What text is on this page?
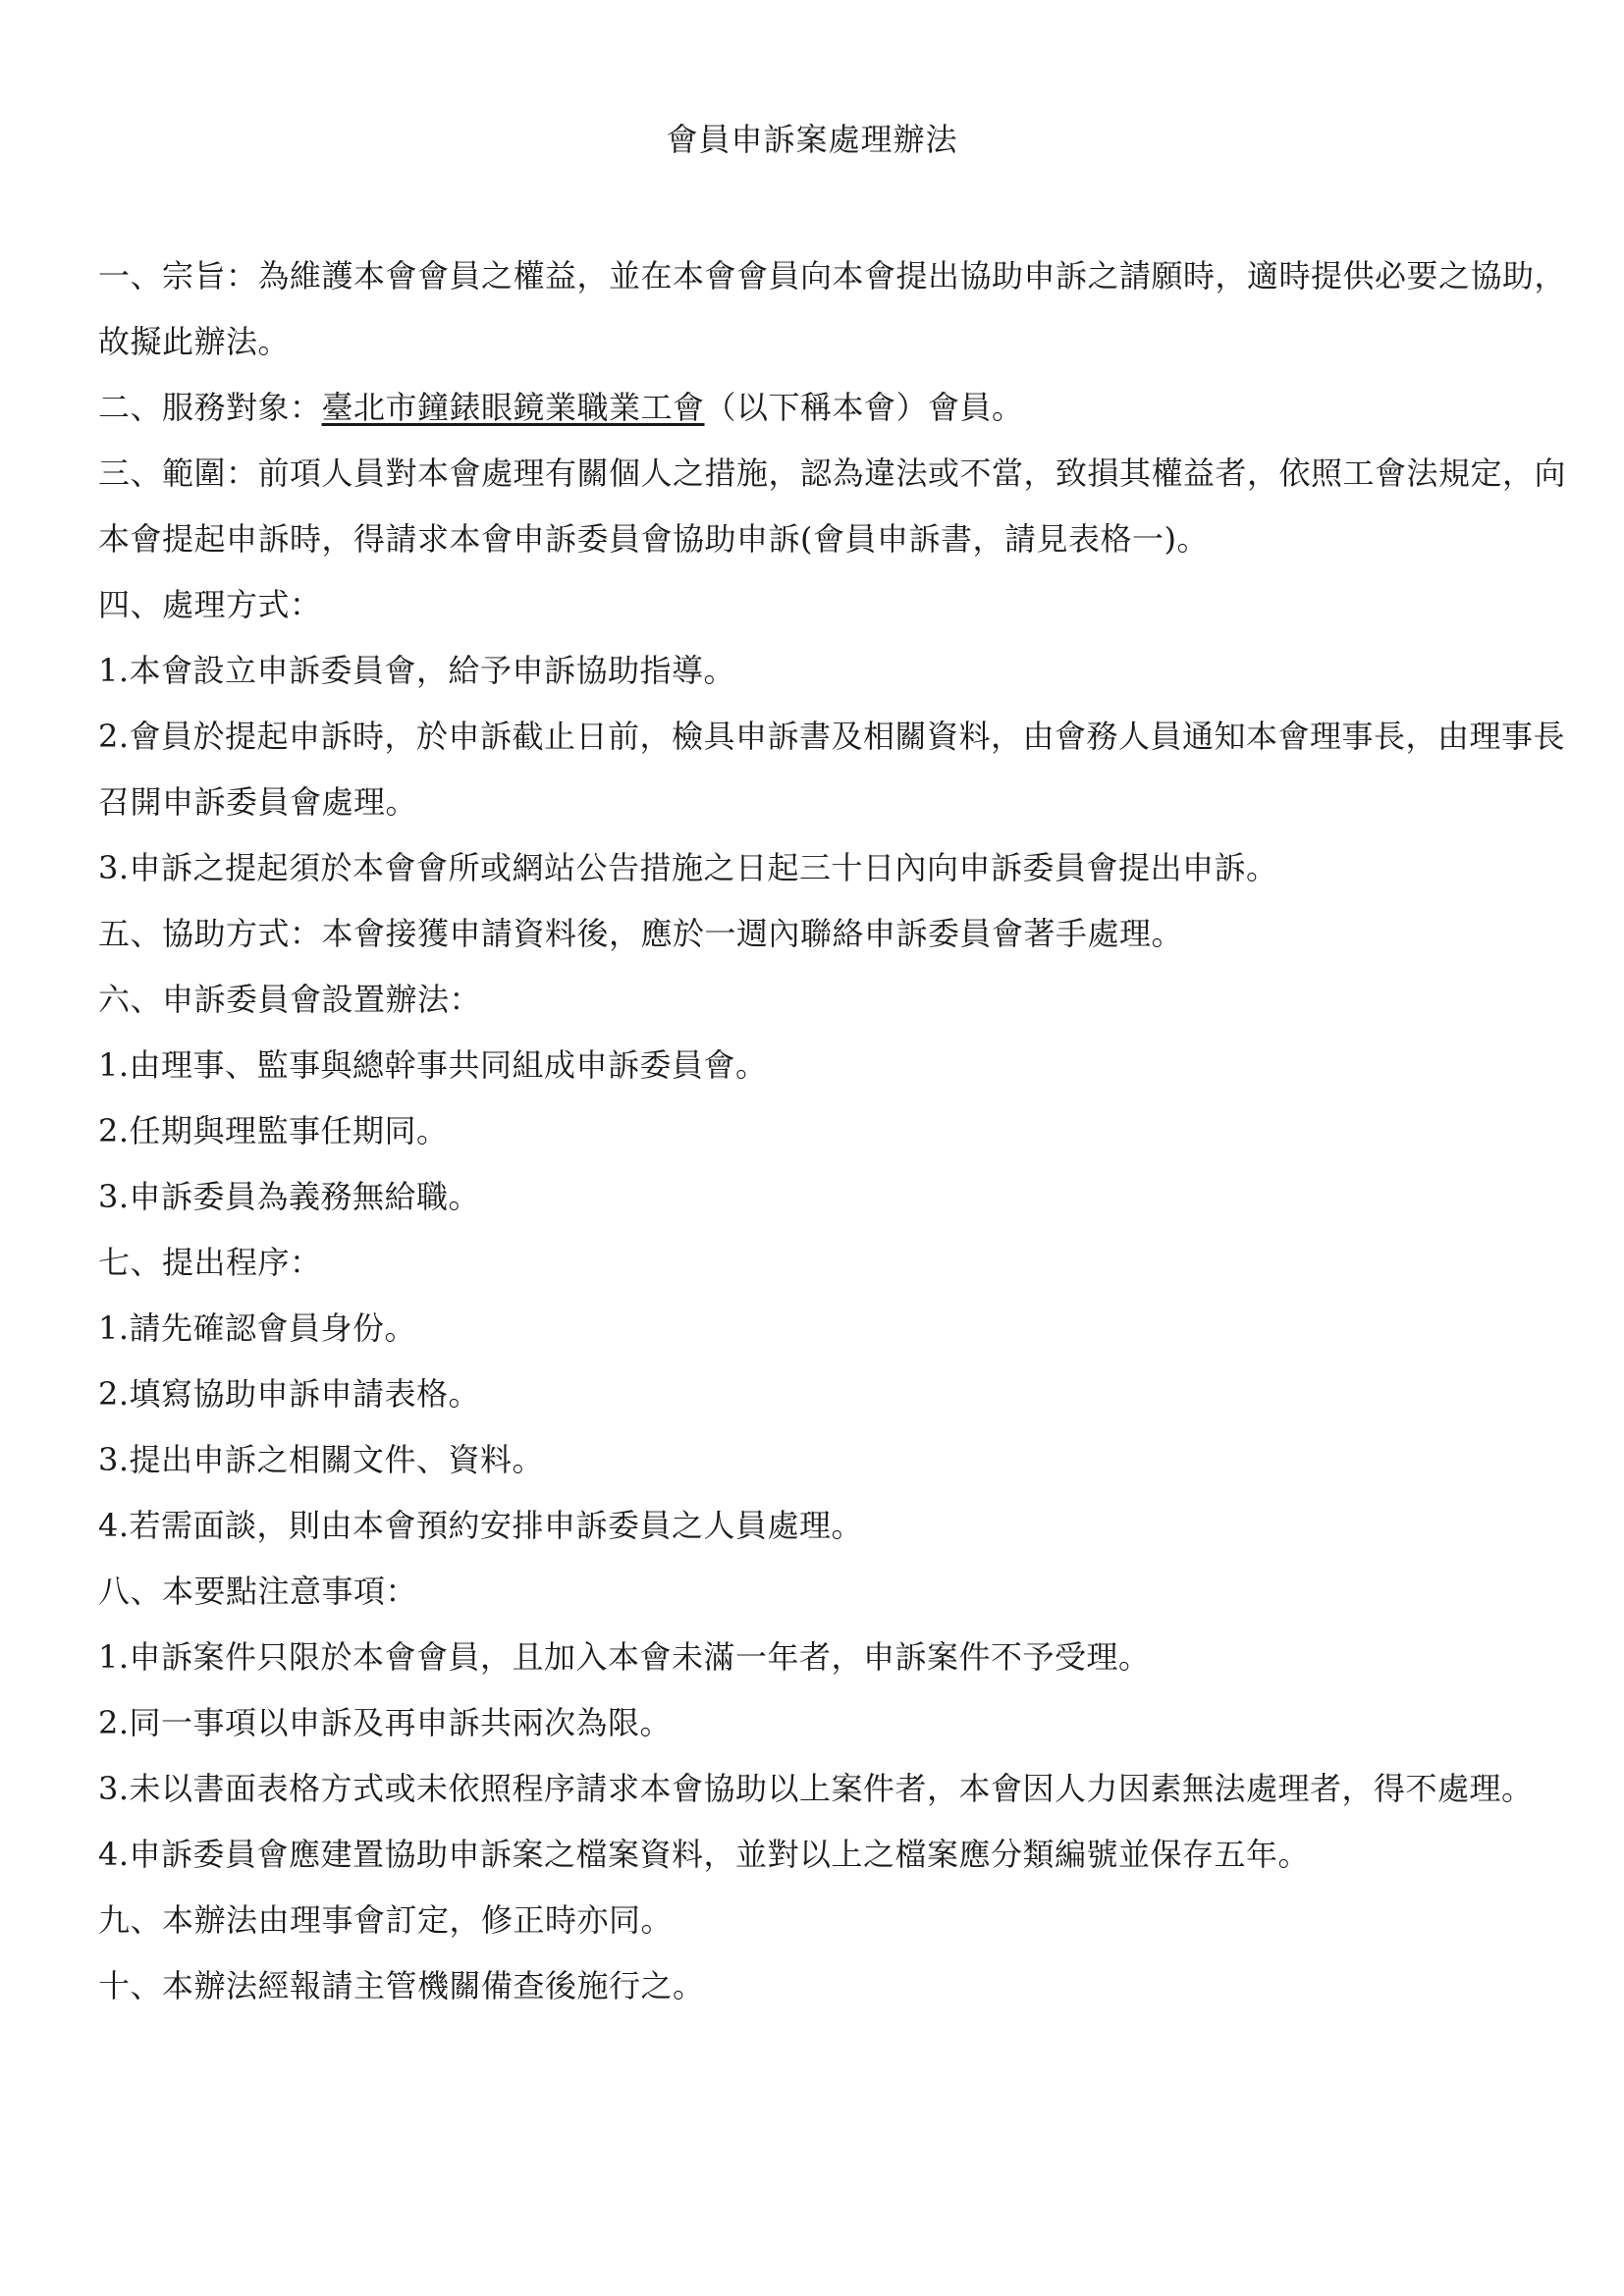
會員申訴案處理辦法

一、宗旨：為維護本會會員之權益，並在本會會員向本會提出協助申訴之請願時，適時提供必要之協助，

故擬此辦法。

二、服務對象：臺北市鐘錶眼鏡業職業工會（以下稱本會）會員。

三、範圍：前項人員對本會處理有關個人之措施，認為違法或不當，致損其權益者，依照工會法規定，向

本會提起申訴時，得請求本會申訴委員會協助申訴(會員申訴書，請見表格一)。

四、處理方式：

1.本會設立申訴委員會，給予申訴協助指導。

2.會員於提起申訴時，於申訴截止日前，檢具申訴書及相關資料，由會務人員通知本會理事長，由理事長

召開申訴委員會處理。

3.申訴之提起須於本會會所或網站公告措施之日起三十日內向申訴委員會提出申訴。

五、協助方式：本會接獲申請資料後，應於一週內聯絡申訴委員會著手處理。

六、申訴委員會設置辦法：

1.由理事、監事與總幹事共同組成申訴委員會。

2.任期與理監事任期同。

3.申訴委員為義務無給職。

七、提出程序：

1.請先確認會員身份。

2.填寫協助申訴申請表格。

3.提出申訴之相關文件、資料。

4.若需面談，則由本會預約安排申訴委員之人員處理。

八、本要點注意事項：

1.申訴案件只限於本會會員，且加入本會未滿一年者，申訴案件不予受理。

2.同一事項以申訴及再申訴共兩次為限。

3.未以書面表格方式或未依照程序請求本會協助以上案件者，本會因人力因素無法處理者，得不處理。

4.申訴委員會應建置協助申訴案之檔案資料，並對以上之檔案應分類編號並保存五年。

九、本辦法由理事會訂定，修正時亦同。

十、本辦法經報請主管機關備查後施行之。
